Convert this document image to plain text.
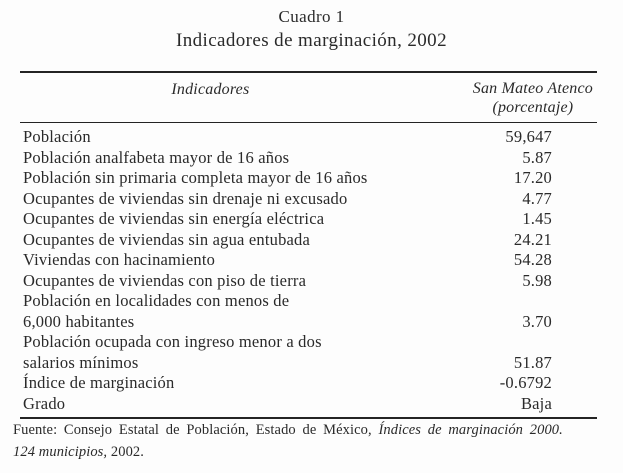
Cuadro 1
Indicadores de marginación, 2002
Indicadores	San Mateo Atenco
(porcentaje)
Población	59,647
Población analfabeta mayor de 16 años	5.87
Población sin primaria completa mayor de 16 años	17.20
Ocupantes de viviendas sin drenaje ni excusado	4.77
Ocupantes de viviendas sin energía eléctrica	1.45
Ocupantes de viviendas sin agua entubada	24.21
Viviendas con hacinamiento	54.28
Ocupantes de viviendas con piso de tierra	5.98
Población en localidades con menos de
6,000 habitantes	3.70
Población ocupada con ingreso menor a dos
salarios mínimos	51.87
Índice de marginación	-0.6792
Grado	Baja
Fuente: Consejo Estatal de Población, Estado de México, Índices de marginación 2000.
124 municipios, 2002.
